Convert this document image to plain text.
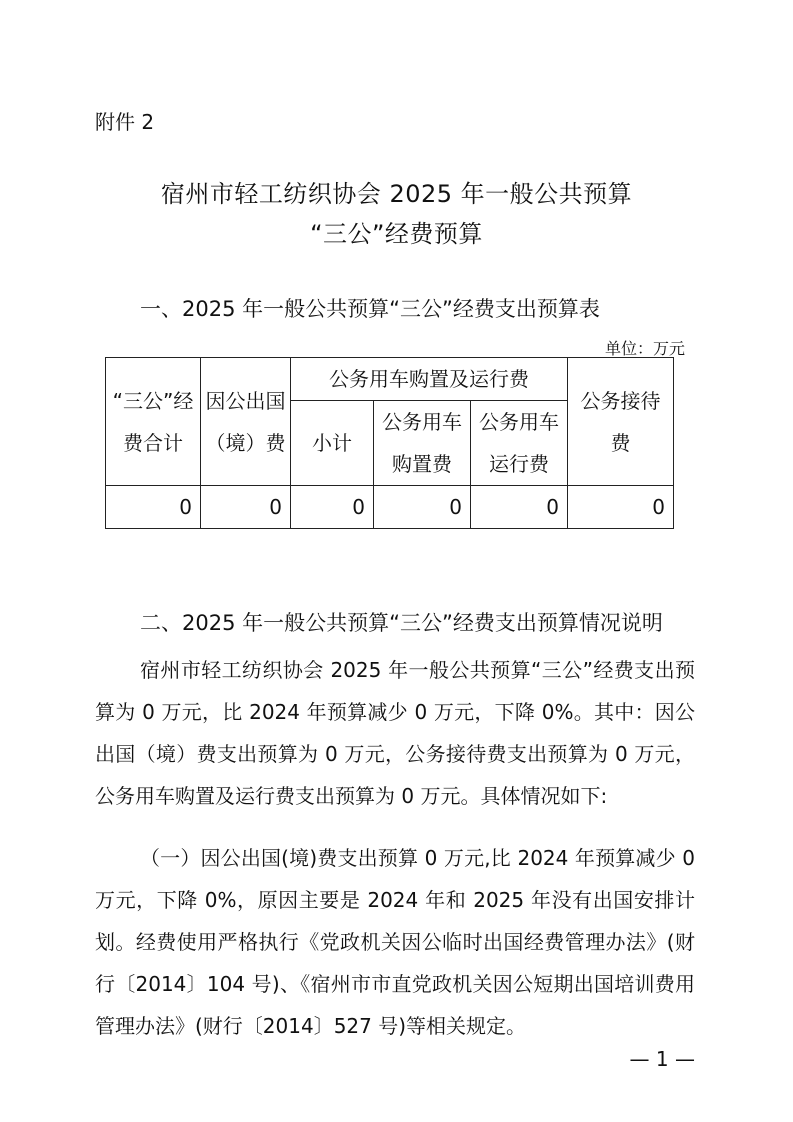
附件 2
宿州市轻工纺织协会 2025 年一般公共预算
“三公”经费预算
一、2025 年一般公共预算“三公”经费支出预算表
单位：万元
“三公”经费合计	因公出国（境）费	公务用车购置及运行费			公务接待费
		小计	公务用车购置费	公务用车运行费	
0	0	0	0	0	0
二、2025 年一般公共预算“三公”经费支出预算情况说明

宿州市轻工纺织协会 2025 年一般公共预算“三公”经费支出预算为 0 万元，比 2024 年预算减少 0 万元，下降 0%。其中：因公出国（境）费支出预算为 0 万元，公务接待费支出预算为 0 万元，公务用车购置及运行费支出预算为 0 万元。具体情况如下:

（一）因公出国(境)费支出预算 0 万元,比 2024 年预算减少 0 万元，下降 0%，原因主要是 2024 年和 2025 年没有出国安排计划。经费使用严格执行《党政机关因公临时出国经费管理办法》(财行〔2014〕104 号)、《宿州市市直党政机关因公短期出国培训费用管理办法》(财行〔2014〕527 号)等相关规定。

— 1 —
